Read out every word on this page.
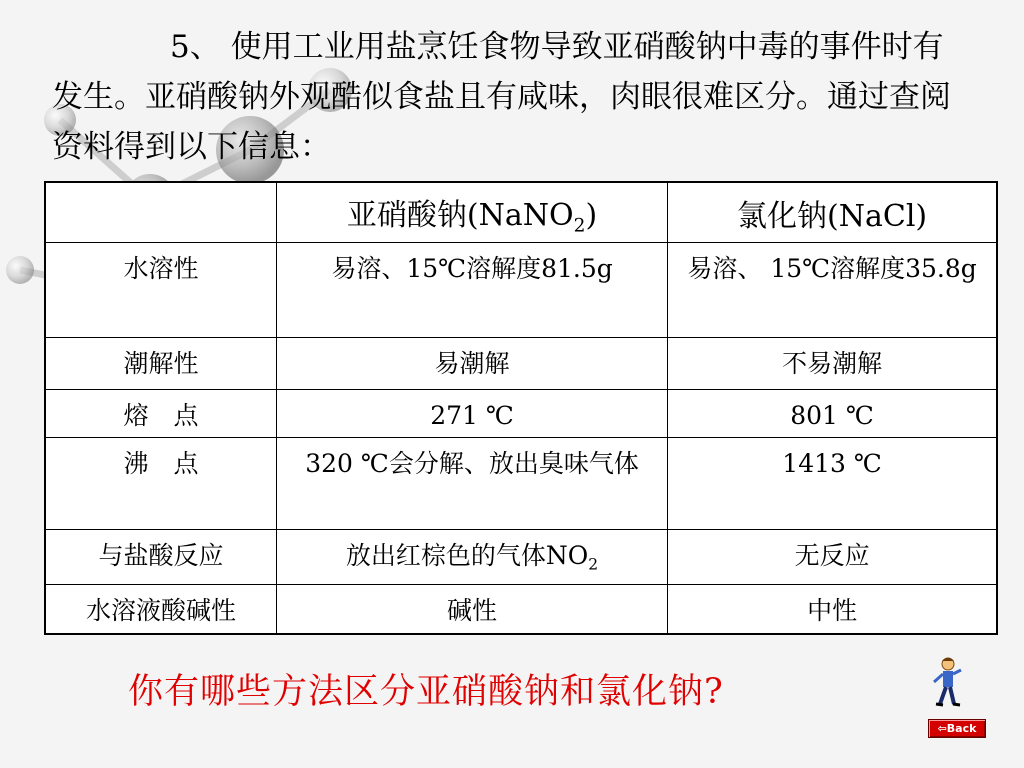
5、 使用工业用盐烹饪食物导致亚硝酸钠中毒的事件时有发生。亚硝酸钠外观酷似食盐且有咸味，肉眼很难区分。通过查阅资料得到以下信息：
	亚硝酸钠(NaNO$_2$)	氯化钠(NaCl)
水溶性	易溶、15℃溶解度81.5g	易溶、 15℃溶解度35.8g
潮解性	易潮解	不易潮解
熔　点	271 ℃	801 ℃
沸　点	320 ℃会分解、放出臭味气体	1413 ℃
与盐酸反应	放出红棕色的气体$NO_2$	无反应
水溶液酸碱性	碱性	中性
你有哪些方法区分亚硝酸钠和氯化钠?
⇦Back
